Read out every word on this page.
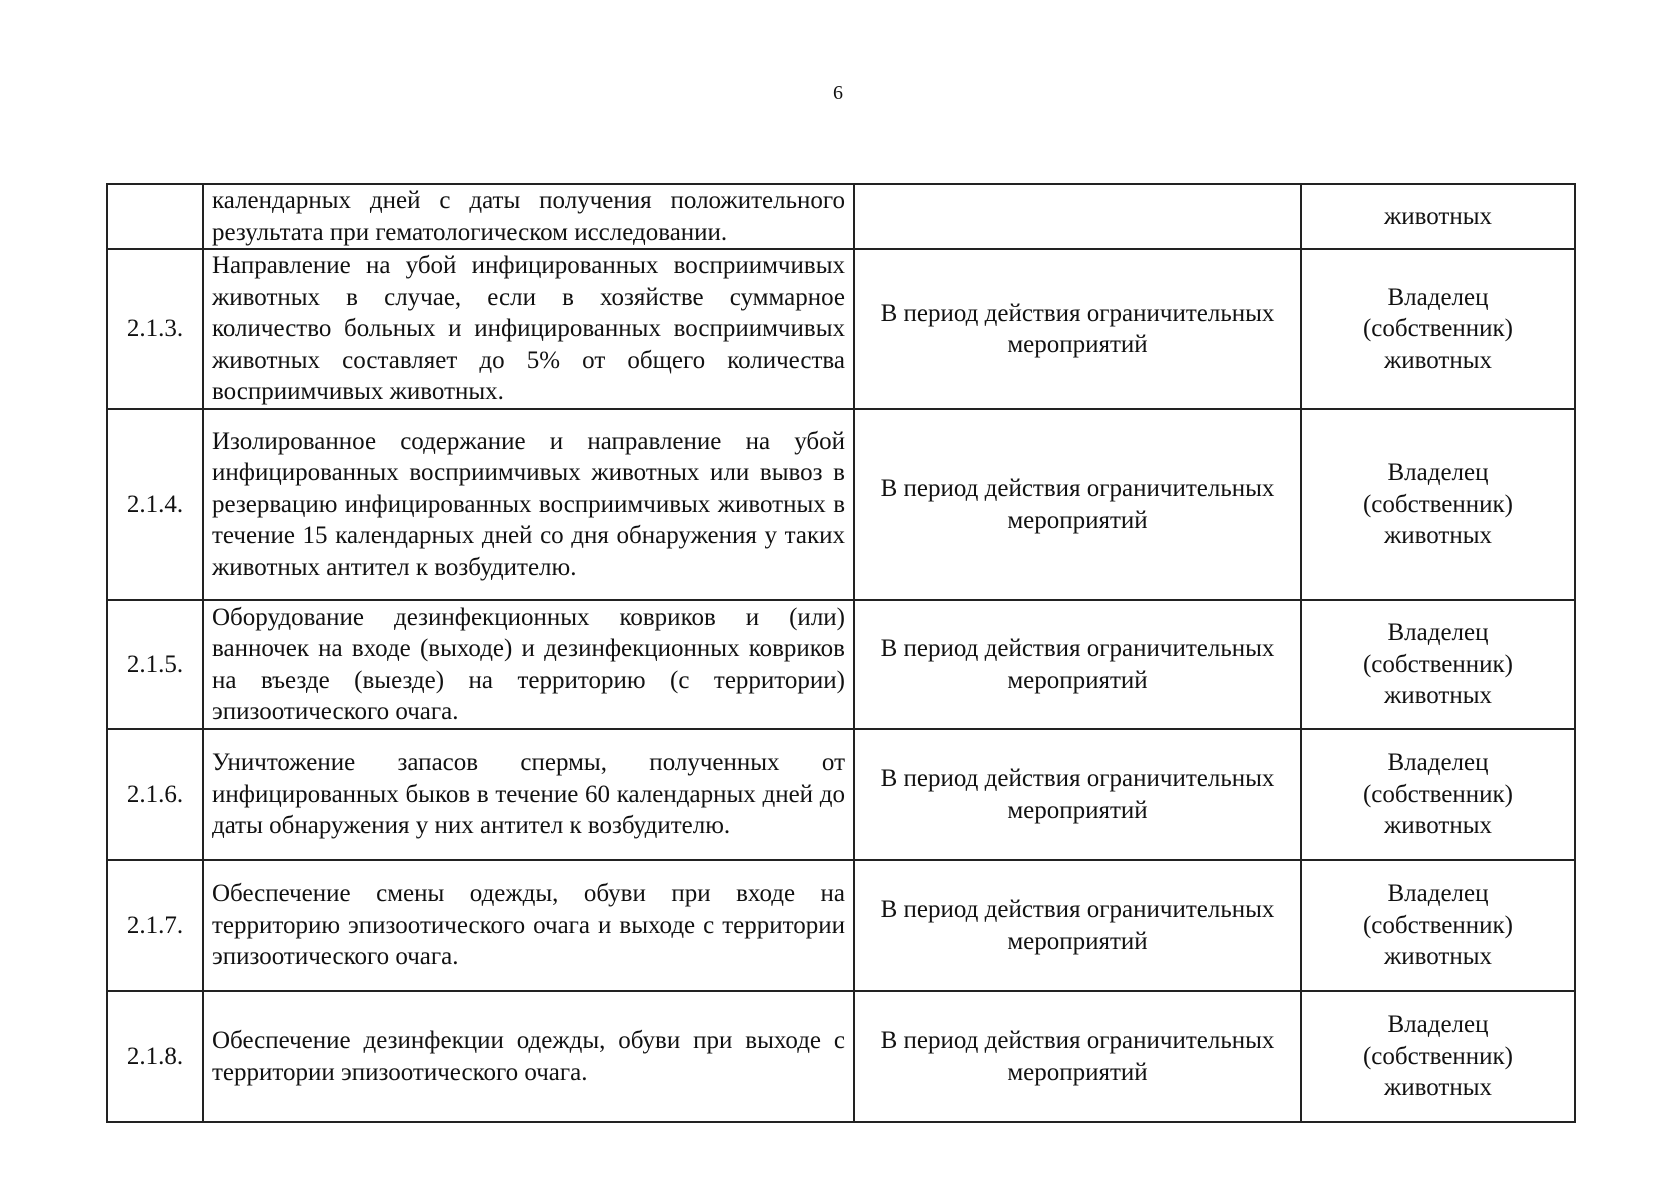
6
	календарных дней с даты получения положительного результата при гематологическом исследовании.		животных
2.1.3.	Направление на убой инфицированных восприимчивых животных в случае, если в хозяйстве суммарное количество больных и инфицированных восприимчивых животных составляет до 5% от общего количества восприимчивых животных.	В период действия ограничительных мероприятий	Владелец (собственник) животных
2.1.4.	Изолированное содержание и направление на убой инфицированных восприимчивых животных или вывоз в резервацию инфицированных восприимчивых животных в течение 15 календарных дней со дня обнаружения у таких животных антител к возбудителю.	В период действия ограничительных мероприятий	Владелец (собственник) животных
2.1.5.	Оборудование дезинфекционных ковриков и (или) ванночек на входе (выходе) и дезинфекционных ковриков на въезде (выезде) на территорию (с территории) эпизоотического очага.	В период действия ограничительных мероприятий	Владелец (собственник) животных
2.1.6.	Уничтожение запасов спермы, полученных от инфицированных быков в течение 60 календарных дней до даты обнаружения у них антител к возбудителю.	В период действия ограничительных мероприятий	Владелец (собственник) животных
2.1.7.	Обеспечение смены одежды, обуви при входе на территорию эпизоотического очага и выходе с территории эпизоотического очага.	В период действия ограничительных мероприятий	Владелец (собственник) животных
2.1.8.	Обеспечение дезинфекции одежды, обуви при выходе с территории эпизоотического очага.	В период действия ограничительных мероприятий	Владелец (собственник) животных
